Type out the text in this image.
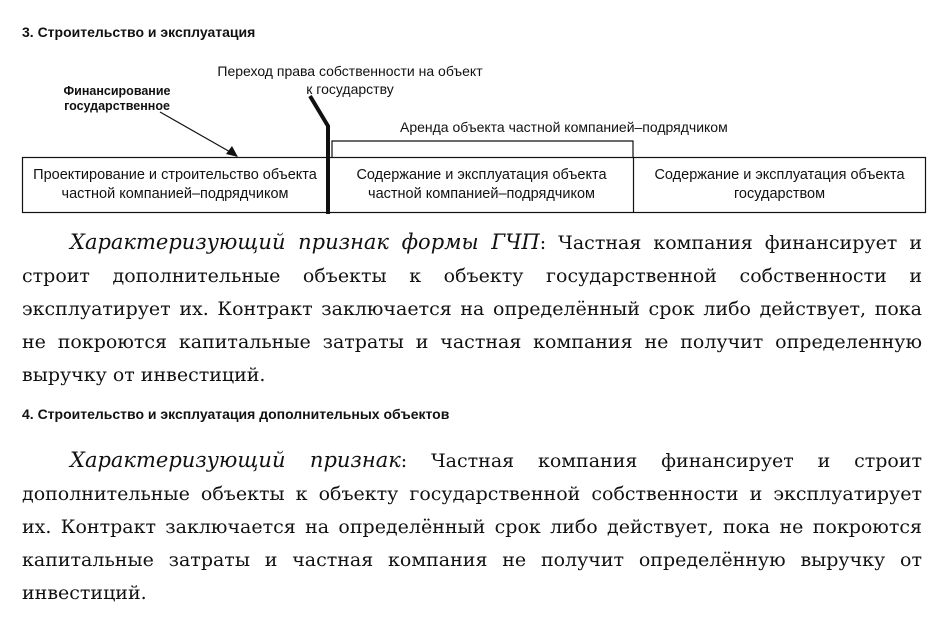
3. Строительство и эксплуатация
Переход права собственности на объект
к государству
Финансирование
государственное
Аренда объекта частной компанией–подрядчиком
Проектирование и строительство объекта
частной компанией–подрядчиком
Содержание и эксплуатация объекта
частной компанией–подрядчиком
Содержание и эксплуатация объекта
государством

Характеризующий признак формы ГЧП: Частная компания финансирует и строит дополнительные объекты к объекту государственной собственности и эксплуатирует их. Контракт заключается на определённый срок либо действует, пока не покроются капитальные затраты и частная компания не получит определенную выручку от инвестиций.

4. Строительство и эксплуатация дополнительных объектов

Характеризующий признак: Частная компания финансирует и строит дополнительные объекты к объекту государственной собственности и эксплуатирует их. Контракт заключается на определённый срок либо действует, пока не покроются капитальные затраты и частная компания не получит определённую выручку от инвестиций.
